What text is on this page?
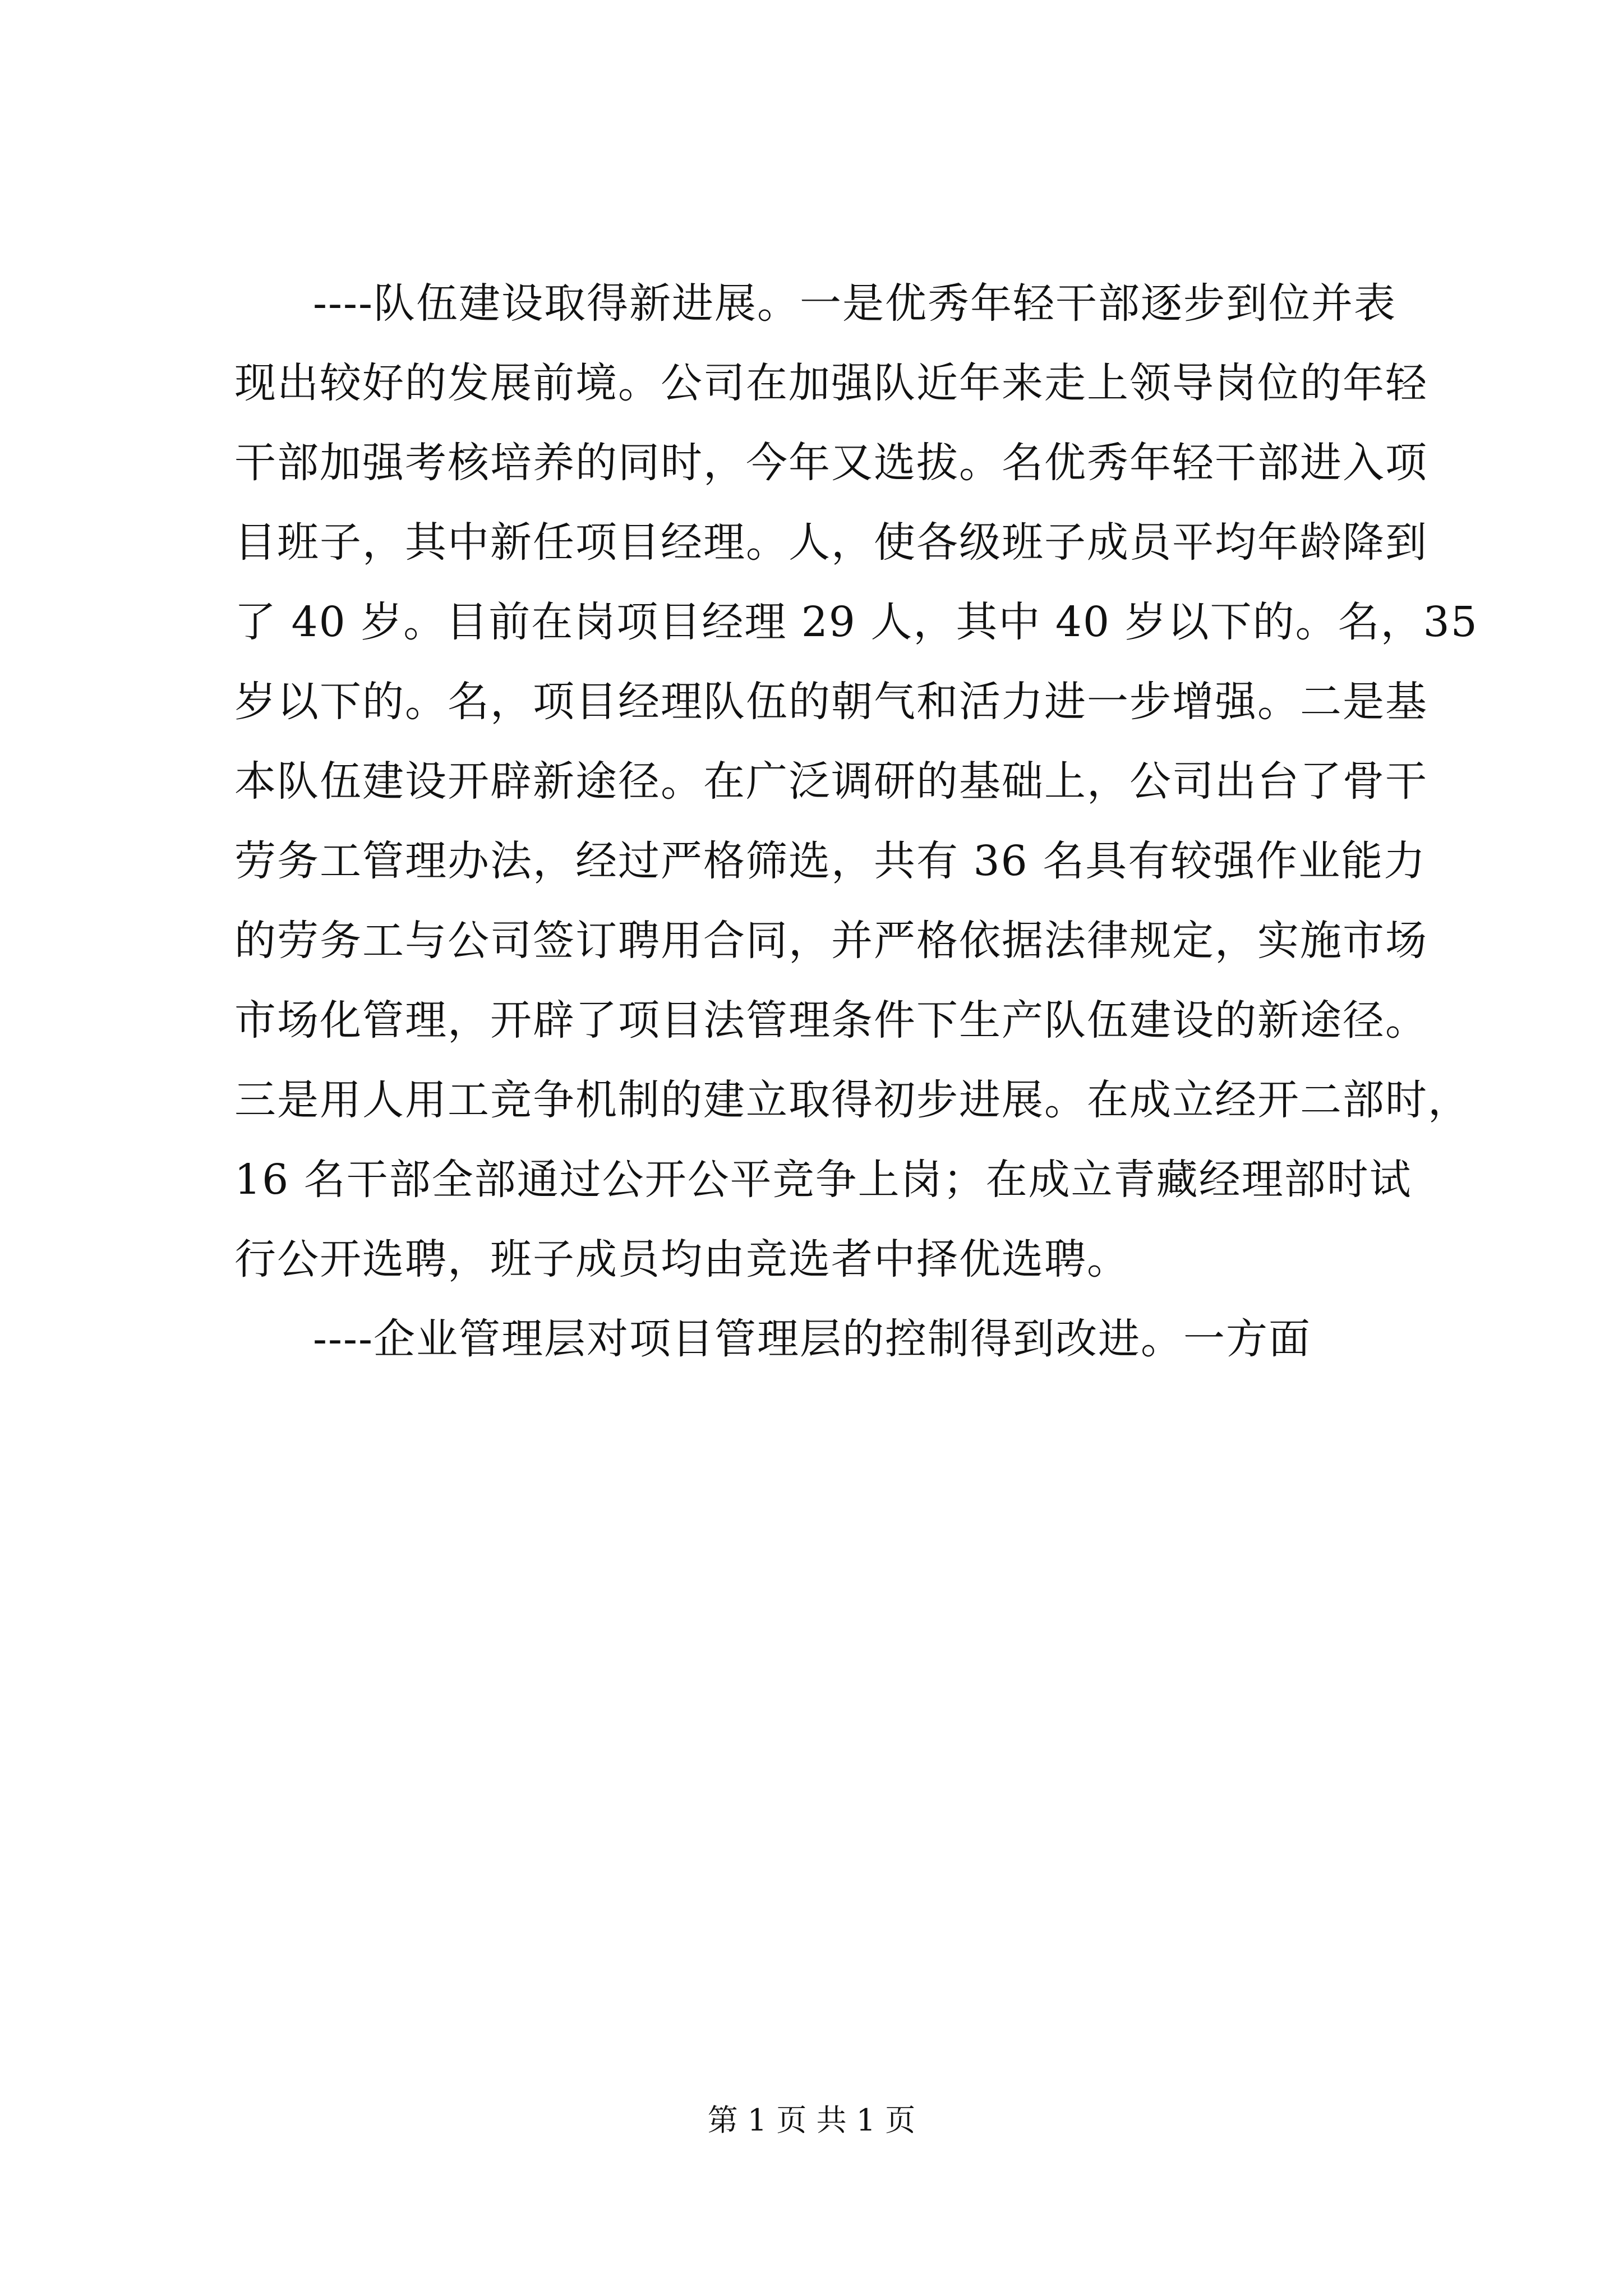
----队伍建设取得新进展。一是优秀年轻干部逐步到位并表
现出较好的发展前境。公司在加强队近年来走上领导岗位的年轻
干部加强考核培养的同时，今年又选拔。名优秀年轻干部进入项
目班子，其中新任项目经理。人，使各级班子成员平均年龄降到
了 40 岁。目前在岗项目经理 29 人，其中 40 岁以下的。名，35
岁以下的。名，项目经理队伍的朝气和活力进一步增强。二是基
本队伍建设开辟新途径。在广泛调研的基础上，公司出台了骨干
劳务工管理办法，经过严格筛选，共有 36 名具有较强作业能力
的劳务工与公司签订聘用合同，并严格依据法律规定，实施市场
市场化管理，开辟了项目法管理条件下生产队伍建设的新途径。
三是用人用工竞争机制的建立取得初步进展。在成立经开二部时，
16 名干部全部通过公开公平竞争上岗；在成立青藏经理部时试
行公开选聘，班子成员均由竞选者中择优选聘。
----企业管理层对项目管理层的控制得到改进。一方面
第 1 页 共 1 页
